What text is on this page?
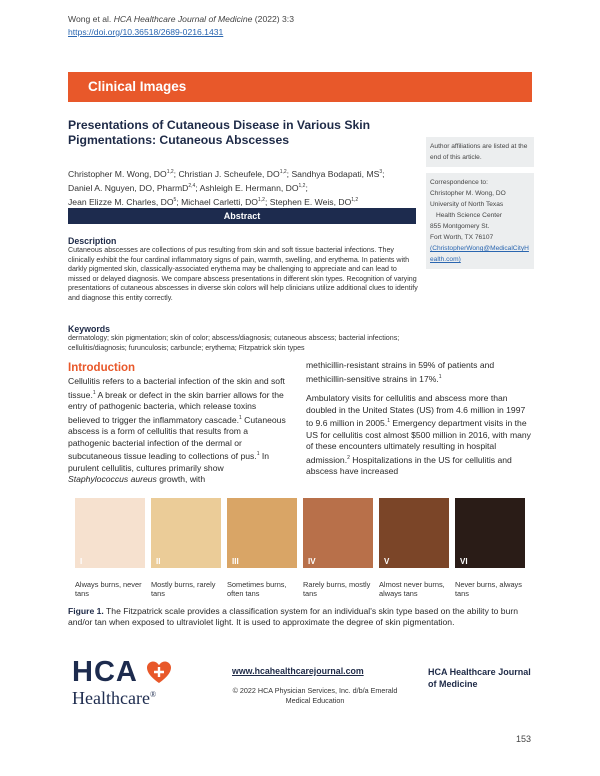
Wong et al. HCA Healthcare Journal of Medicine (2022) 3:3
https://doi.org/10.36518/2689-0216.1431
Clinical Images
Presentations of Cutaneous Disease in Various Skin Pigmentations: Cutaneous Abscesses
Christopher M. Wong, DO$^{1,2}$; Christian J. Scheufele, DO$^{1,2}$; Sandhya Bodapati, $MS^3$;
Daniel A. Nguyen, DO, PharmD$^{2,4}$; Ashleigh E. Hermann, DO$^{1,2}$;
Jean Elizze M. Charles, $DO^5$; Michael Carletti, DO$^{1,2}$; Stephen E. Weis, DO$^{1,2}$
Abstract
Author affiliations are listed at the end of this article.
Correspondence to:
Christopher M. Wong, DO
University of North Texas
Health Science Center
855 Montgomery St.
Fort Worth, TX 76107
(ChristopherWong@MedicalCityHealth.com)
Description
Cutaneous abscesses are collections of pus resulting from skin and soft tissue bacterial infections. They clinically exhibit the four cardinal inflammatory signs of pain, warmth, swelling, and erythema. In patients with darkly pigmented skin, classically-associated erythema may be challenging to appreciate and can lead to missed or delayed diagnosis. We compare abscess presentations in different skin types. Recognition of varying presentations of cutaneous abscesses in diverse skin colors will help clinicians utilize additional clues to identify and diagnose this entity correctly.
Keywords
dermatology; skin pigmentation; skin of color; abscess/diagnosis; cutaneous abscess; bacterial infections; cellulitis/diagnosis; furunculosis; carbuncle; erythema; Fitzpatrick skin types
Introduction
Cellulitis refers to a bacterial infection of the skin and soft tissue.$^1$ A break or defect in the skin barrier allows for the entry of pathogenic bacteria, which release toxins believed to trigger the inflammatory cascade.$^1$ Cutaneous abscess is a form of cellulitis that results from a pathogenic bacterial infection of the dermal or subcutaneous tissue leading to collections of pus.$^1$ In purulent cellulitis, cultures primarily show Staphylococcus aureus growth, with

methicillin-resistant strains in 59% of patients and methicillin-sensitive strains in 17%.$^1$

Ambulatory visits for cellulitis and abscess more than doubled in the United States (US) from 4.6 million in 1997 to 9.6 million in 2005.$^1$ Emergency department visits in the US for cellulitis cost almost $500 million in 2016, with many of these encounters ultimately resulting in hospital admission.$^2$ Hospitalizations in the US for cellulitis and abscess have increased

I	II	III	IV	V	VI
Always burns, never tans
Mostly burns, rarely tans
Sometimes burns, often tans
Rarely burns, mostly tans
Almost never burns, always tans
Never burns, always tans
Figure 1. The Fitzpatrick scale provides a classification system for an individual's skin type based on the ability to burn and/or tan when exposed to ultraviolet light. It is used to approximate the degree of skin pigmentation.
HCA
Healthcare®
www.hcahealthcarejournal.com
© 2022 HCA Physician Services, Inc. d/b/a Emerald Medical Education
HCA Healthcare Journal of Medicine
153
